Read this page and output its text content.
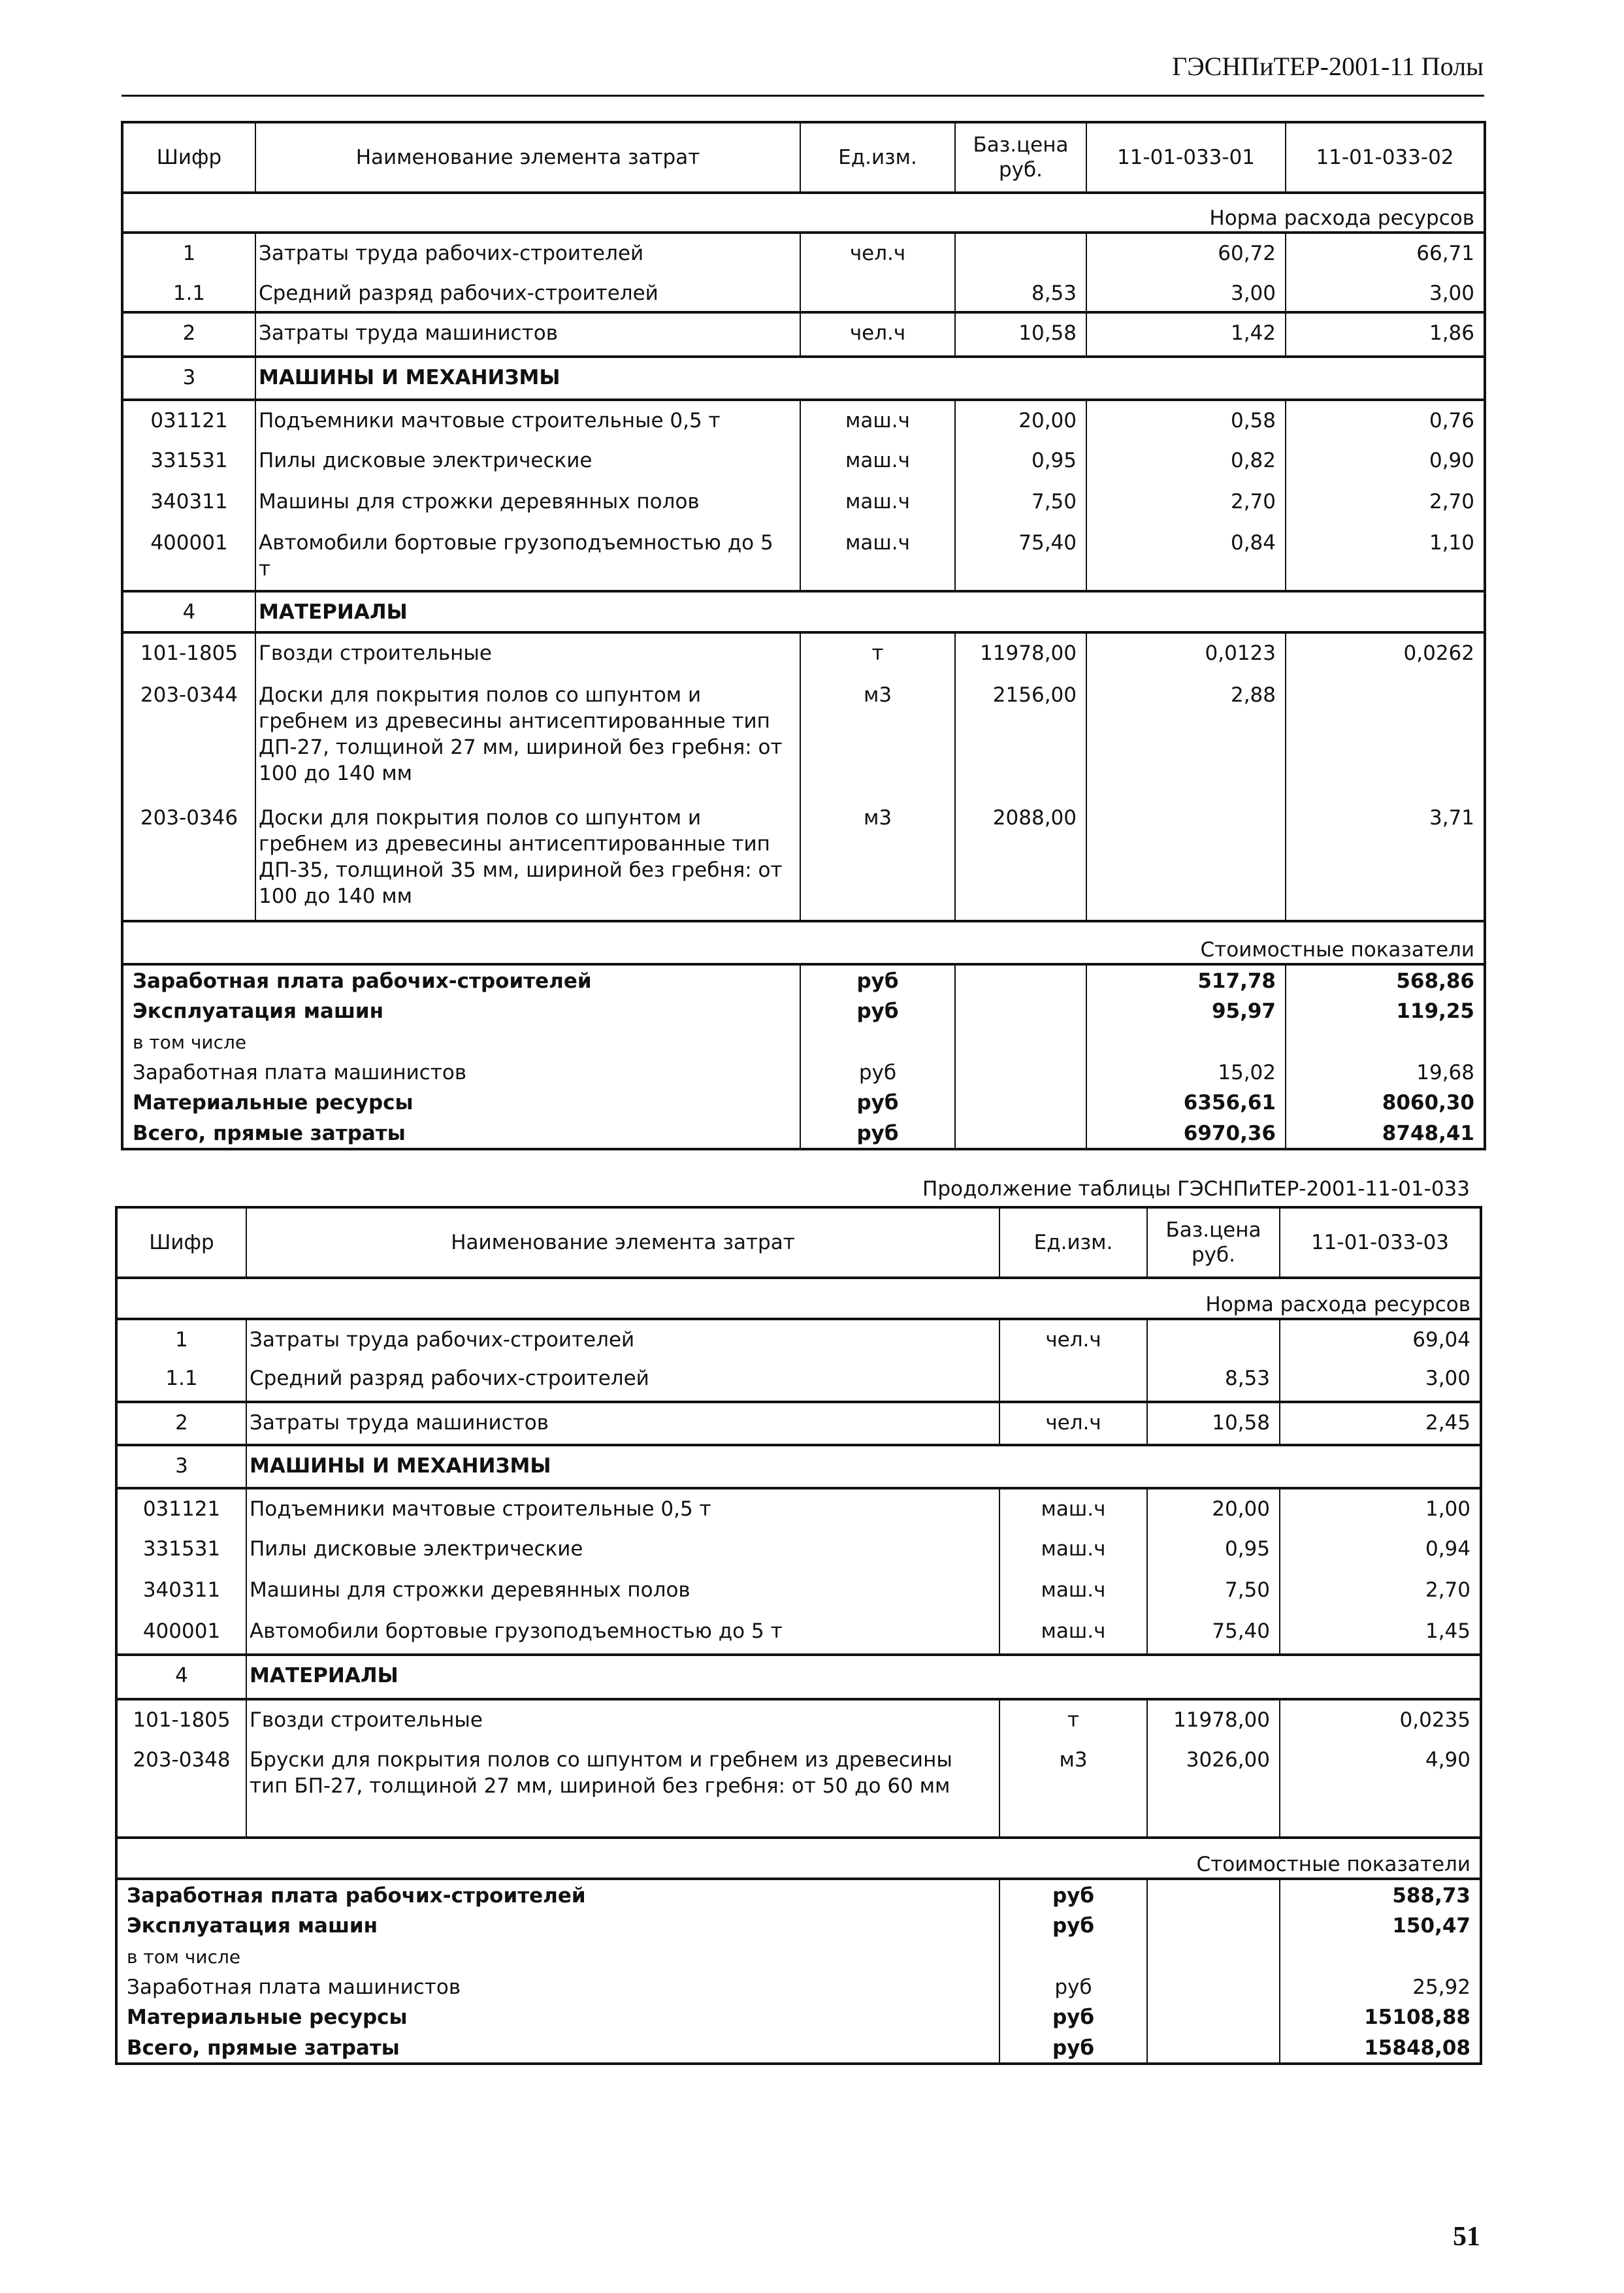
ГЭСНПиТЕР-2001-11 Полы
Шифр	Наименование элемента затрат	Ед.изм.	Баз.цена руб.	11-01-033-01	11-01-033-02
Норма расхода ресурсов					
1	Затраты труда рабочих-строителей	чел.ч		60,72	66,71
1.1	Средний разряд рабочих-строителей		8,53	3,00	3,00
2	Затраты труда машинистов	чел.ч	10,58	1,42	1,86
3	МАШИНЫ И МЕХАНИЗМЫ				
031121	Подъемники мачтовые строительные 0,5 т	маш.ч	20,00	0,58	0,76
331531	Пилы дисковые электрические	маш.ч	0,95	0,82	0,90
340311	Машины для строжки деревянных полов	маш.ч	7,50	2,70	2,70
400001	Автомобили бортовые грузоподъемностью до 5 т	маш.ч	75,40	0,84	1,10
4	МАТЕРИАЛЫ				
101-1805	Гвозди строительные	т	11978,00	0,0123	0,0262
203-0344	Доски для покрытия полов со шпунтом и гребнем из древесины антисептированные тип ДП-27, толщиной 27 мм, шириной без гребня: от 100 до 140 мм	м3	2156,00	2,88	
203-0346	Доски для покрытия полов со шпунтом и гребнем из древесины антисептированные тип ДП-35, толщиной 35 мм, шириной без гребня: от 100 до 140 мм	м3	2088,00		3,71
Стоимостные показатели					
Заработная плата рабочих-строителей		руб		517,78	568,86
Эксплуатация машин		руб		95,97	119,25
в том числе					
Заработная плата машинистов		руб		15,02	19,68
Материальные ресурсы		руб		6356,61	8060,30
Всего, прямые затраты		руб		6970,36	8748,41
Продолжение таблицы ГЭСНПиТЕР-2001-11-01-033
Шифр	Наименование элемента затрат	Ед.изм.	Баз.цена руб.	11-01-033-03
Норма расхода ресурсов				
1	Затраты труда рабочих-строителей	чел.ч		69,04
1.1	Средний разряд рабочих-строителей		8,53	3,00
2	Затраты труда машинистов	чел.ч	10,58	2,45
3	МАШИНЫ И МЕХАНИЗМЫ			
031121	Подъемники мачтовые строительные 0,5 т	маш.ч	20,00	1,00
331531	Пилы дисковые электрические	маш.ч	0,95	0,94
340311	Машины для строжки деревянных полов	маш.ч	7,50	2,70
400001	Автомобили бортовые грузоподъемностью до 5 т	маш.ч	75,40	1,45
4	МАТЕРИАЛЫ			
101-1805	Гвозди строительные	т	11978,00	0,0235
203-0348	Бруски для покрытия полов со шпунтом и гребнем из древесины тип БП-27, толщиной 27 мм, шириной без гребня: от 50 до 60 мм	м3	3026,00	4,90
Стоимостные показатели				
Заработная плата рабочих-строителей		руб		588,73
Эксплуатация машин		руб		150,47
в том числе				
Заработная плата машинистов		руб		25,92
Материальные ресурсы		руб		15108,88
Всего, прямые затраты		руб		15848,08
51
